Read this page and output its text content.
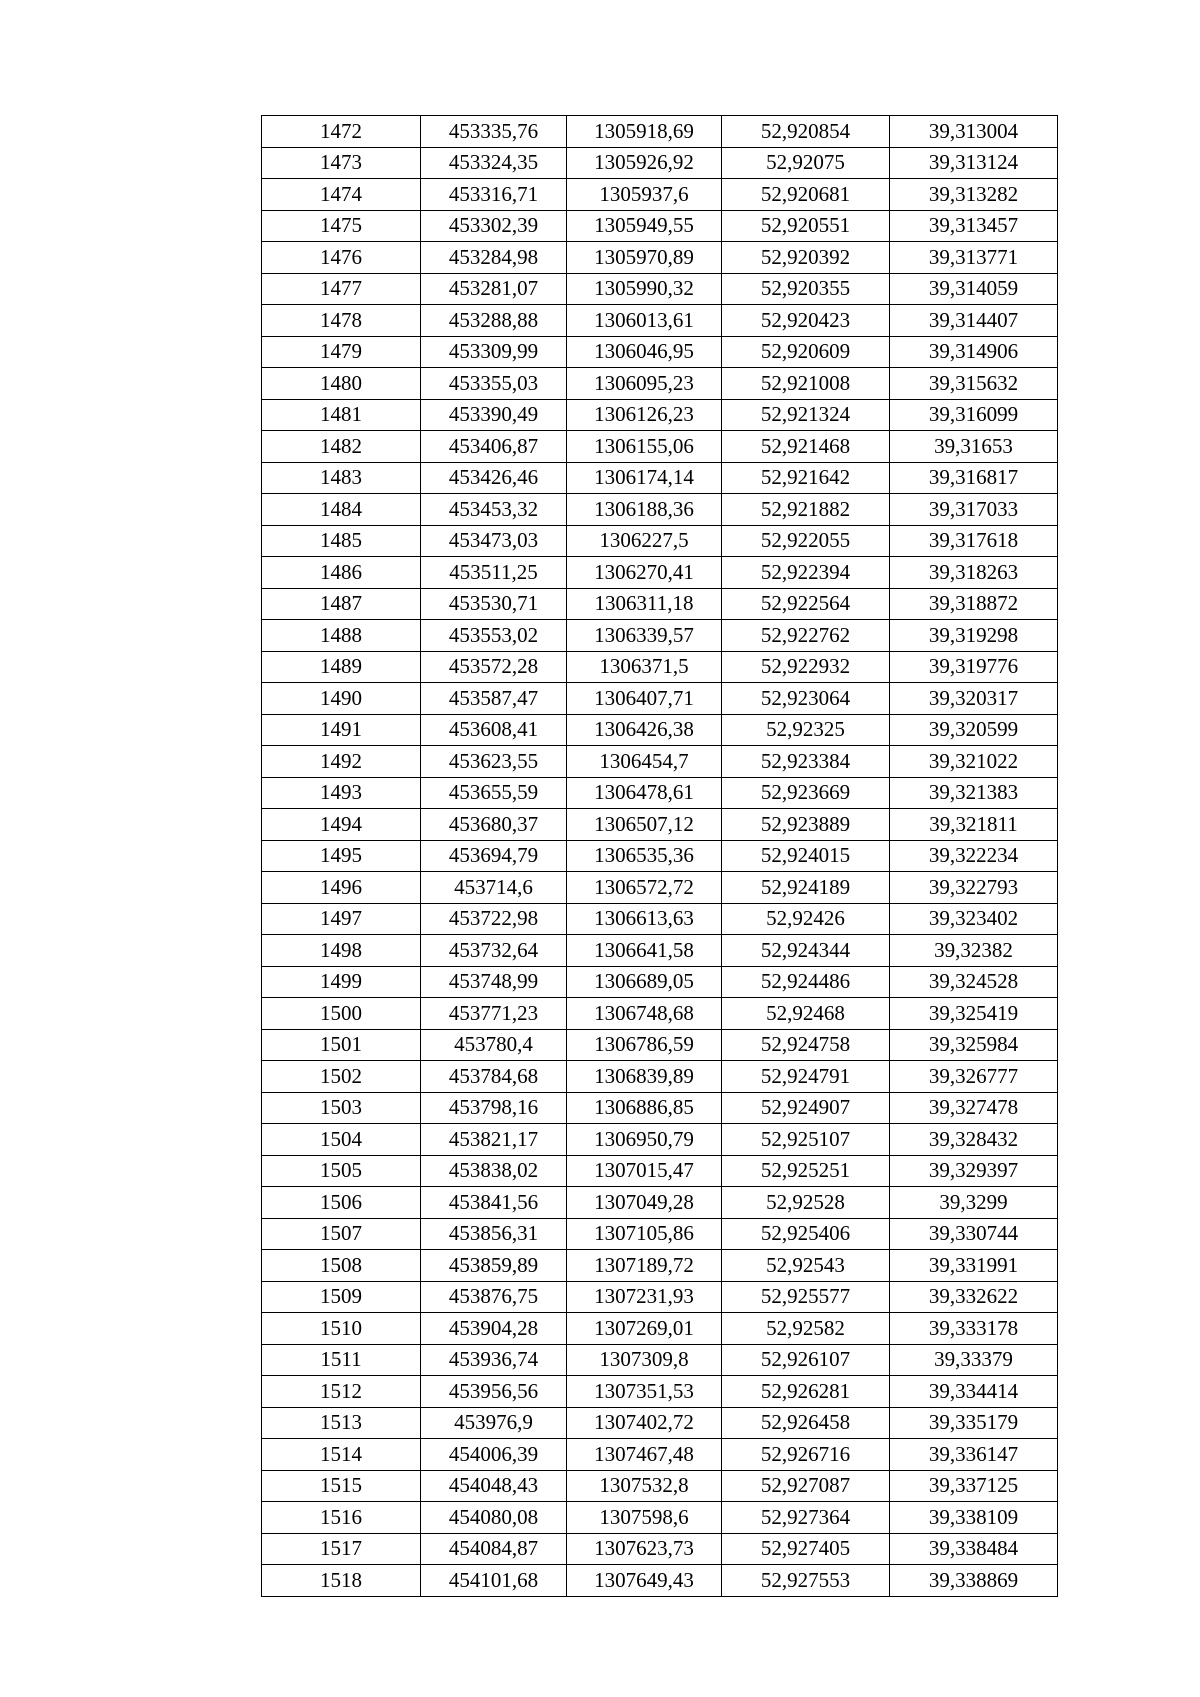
1472	453335,76	1305918,69	52,920854	39,313004
1473	453324,35	1305926,92	52,92075	39,313124
1474	453316,71	1305937,6	52,920681	39,313282
1475	453302,39	1305949,55	52,920551	39,313457
1476	453284,98	1305970,89	52,920392	39,313771
1477	453281,07	1305990,32	52,920355	39,314059
1478	453288,88	1306013,61	52,920423	39,314407
1479	453309,99	1306046,95	52,920609	39,314906
1480	453355,03	1306095,23	52,921008	39,315632
1481	453390,49	1306126,23	52,921324	39,316099
1482	453406,87	1306155,06	52,921468	39,31653
1483	453426,46	1306174,14	52,921642	39,316817
1484	453453,32	1306188,36	52,921882	39,317033
1485	453473,03	1306227,5	52,922055	39,317618
1486	453511,25	1306270,41	52,922394	39,318263
1487	453530,71	1306311,18	52,922564	39,318872
1488	453553,02	1306339,57	52,922762	39,319298
1489	453572,28	1306371,5	52,922932	39,319776
1490	453587,47	1306407,71	52,923064	39,320317
1491	453608,41	1306426,38	52,92325	39,320599
1492	453623,55	1306454,7	52,923384	39,321022
1493	453655,59	1306478,61	52,923669	39,321383
1494	453680,37	1306507,12	52,923889	39,321811
1495	453694,79	1306535,36	52,924015	39,322234
1496	453714,6	1306572,72	52,924189	39,322793
1497	453722,98	1306613,63	52,92426	39,323402
1498	453732,64	1306641,58	52,924344	39,32382
1499	453748,99	1306689,05	52,924486	39,324528
1500	453771,23	1306748,68	52,92468	39,325419
1501	453780,4	1306786,59	52,924758	39,325984
1502	453784,68	1306839,89	52,924791	39,326777
1503	453798,16	1306886,85	52,924907	39,327478
1504	453821,17	1306950,79	52,925107	39,328432
1505	453838,02	1307015,47	52,925251	39,329397
1506	453841,56	1307049,28	52,92528	39,3299
1507	453856,31	1307105,86	52,925406	39,330744
1508	453859,89	1307189,72	52,92543	39,331991
1509	453876,75	1307231,93	52,925577	39,332622
1510	453904,28	1307269,01	52,92582	39,333178
1511	453936,74	1307309,8	52,926107	39,33379
1512	453956,56	1307351,53	52,926281	39,334414
1513	453976,9	1307402,72	52,926458	39,335179
1514	454006,39	1307467,48	52,926716	39,336147
1515	454048,43	1307532,8	52,927087	39,337125
1516	454080,08	1307598,6	52,927364	39,338109
1517	454084,87	1307623,73	52,927405	39,338484
1518	454101,68	1307649,43	52,927553	39,338869
